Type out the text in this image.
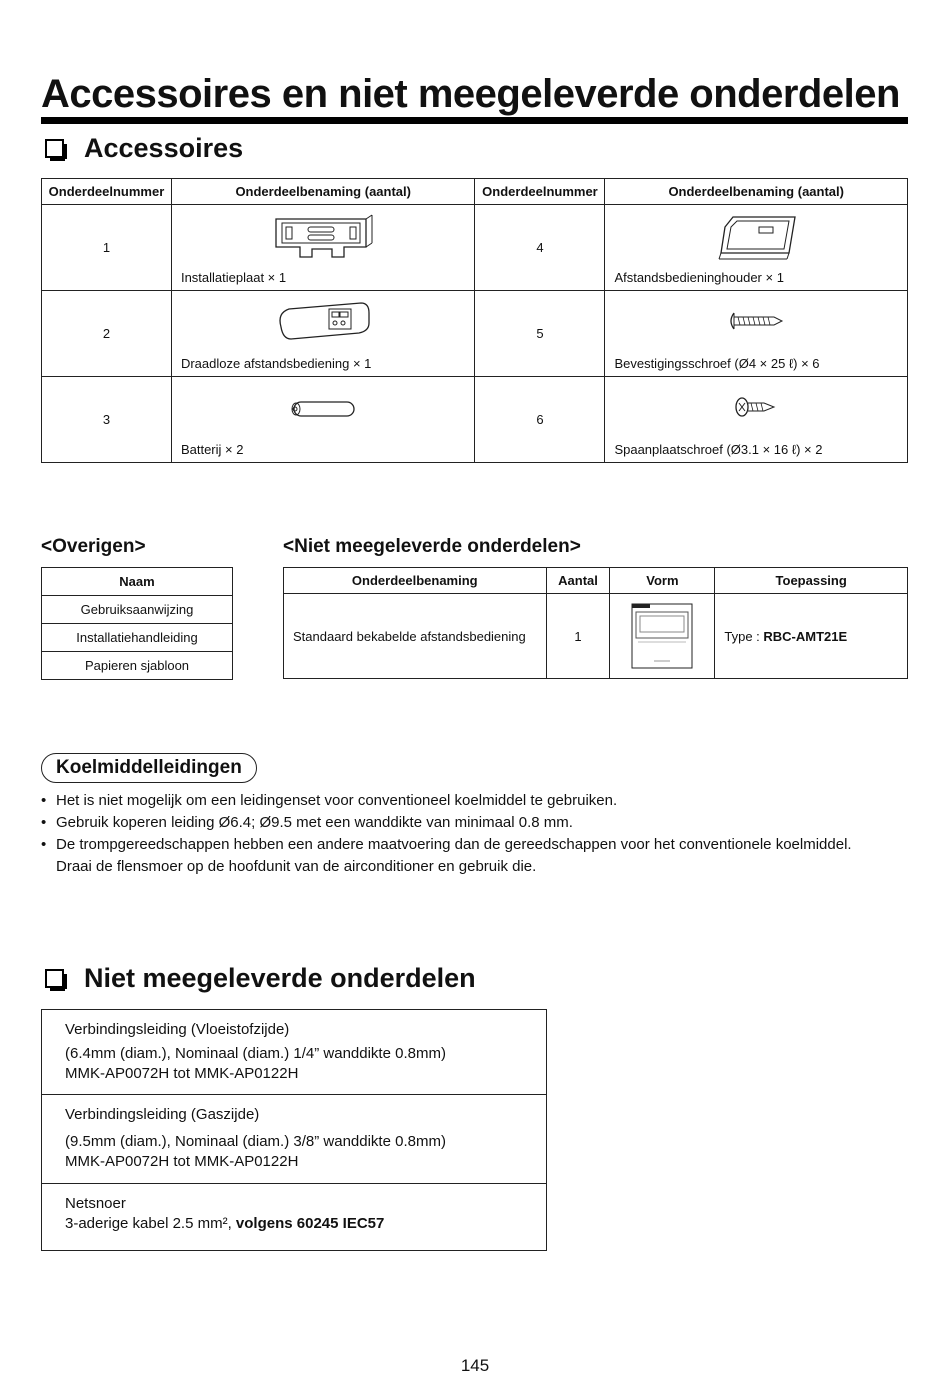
Accessoires en niet meegeleverde onderdelen
Accessoires
Onderdeelnummer	Onderdeelbenaming (aantal)	Onderdeelnummer	Onderdeelbenaming (aantal)
1	Installatieplaat × 1	4	Afstandsbedieninghouder × 1

2	Draadloze afstandsbediening × 1	5	Bevestigingsschroef (Ø4 × 25 ℓ) × 6

3	Batterij × 2	6	Spaanplaatschroef (Ø3.1 × 16 ℓ) × 2
<Overigen>
Naam
Gebruiksaanwijzing
Installatiehandleiding
Papieren sjabloon
<Niet meegeleverde onderdelen>
Onderdeelbenaming	Aantal	Vorm	Toepassing
Standaard bekabelde afstandsbediening	1		Type : RBC-AMT21E
Koelmiddelleidingen
• Het is niet mogelijk om een leidingenset voor conventioneel koelmiddel te gebruiken.
• Gebruik koperen leiding Ø6.4; Ø9.5 met een wanddikte van minimaal 0.8 mm.
• De trompgereedschappen hebben een andere maatvoering dan de gereedschappen voor het conventionele koelmiddel.
Draai de flensmoer op de hoofdunit van de airconditioner en gebruik die.
Niet meegeleverde onderdelen

Verbindingsleiding (Vloeistofzijde)

(6.4mm (diam.), Nominaal (diam.) 1/4” wanddikte 0.8mm)

MMK-AP0072H tot MMK-AP0122H

Verbindingsleiding (Gaszijde)

(9.5mm (diam.), Nominaal (diam.) 3/8” wanddikte 0.8mm)

MMK-AP0072H tot MMK-AP0122H

Netsnoer

3-aderige kabel 2.5 mm², volgens 60245 IEC57

145
